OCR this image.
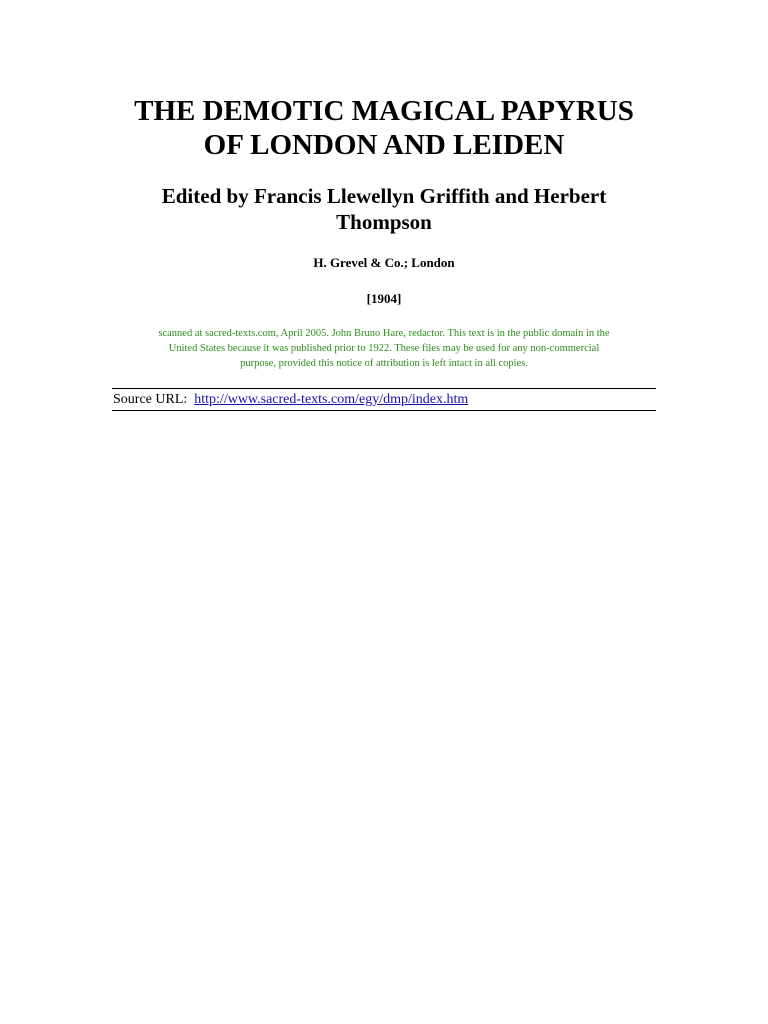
THE DEMOTIC MAGICAL PAPYRUS
OF LONDON AND LEIDEN
Edited by Francis Llewellyn Griffith and Herbert
Thompson
H. Grevel & Co.; London
[1904]
scanned at sacred-texts.com, April 2005. John Bruno Hare, redactor. This text is in the public domain in the
United States because it was published prior to 1922. These files may be used for any non-commercial
purpose, provided this notice of attribution is left intact in all copies.
Source URL:  http://www.sacred-texts.com/egy/dmp/index.htm
